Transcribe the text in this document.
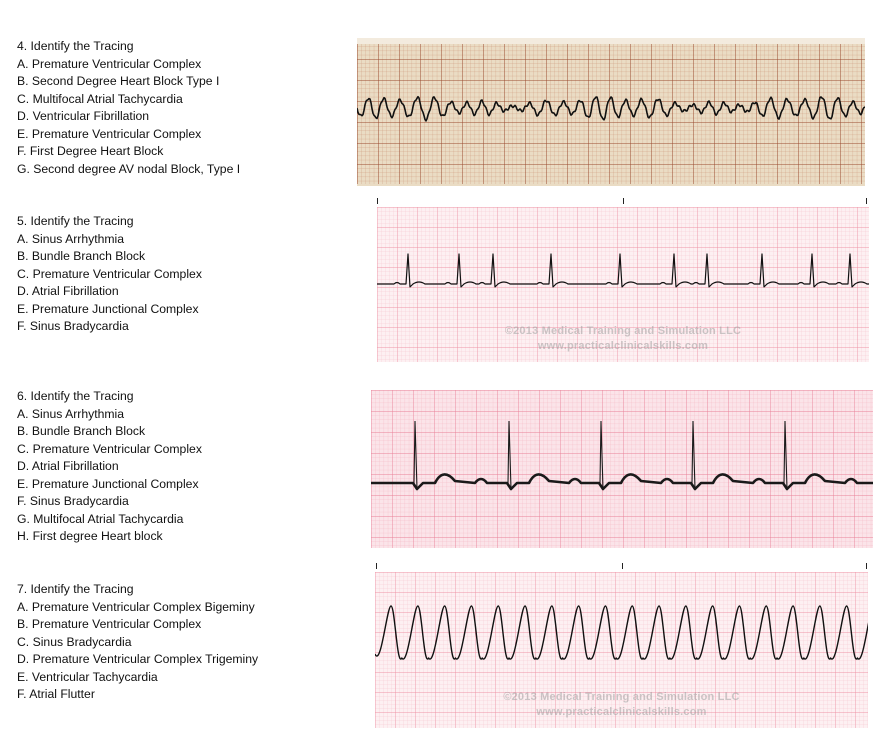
4. Identify the Tracing
A. Premature Ventricular Complex
B. Second Degree Heart Block Type I
C. Multifocal Atrial Tachycardia
D. Ventricular Fibrillation
E. Premature Ventricular Complex
F. First Degree Heart Block
G. Second degree AV nodal Block, Type I
5. Identify the Tracing
A. Sinus Arrhythmia
B. Bundle Branch Block
C. Premature Ventricular Complex
D. Atrial Fibrillation
E. Premature Junctional Complex
F. Sinus Bradycardia
6. Identify the Tracing
A. Sinus Arrhythmia
B. Bundle Branch Block
C. Premature Ventricular Complex
D. Atrial Fibrillation
E. Premature Junctional Complex
F. Sinus Bradycardia
G. Multifocal Atrial Tachycardia
H. First degree Heart block
7. Identify the Tracing
A. Premature Ventricular Complex Bigeminy
B. Premature Ventricular Complex
C. Sinus Bradycardia
D. Premature Ventricular Complex Trigeminy
E. Ventricular Tachycardia
F. Atrial Flutter
©2013 Medical Training and Simulation LLC
www.practicalclinicalskills.com
©2013 Medical Training and Simulation LLC
www.practicalclinicalskills.com
